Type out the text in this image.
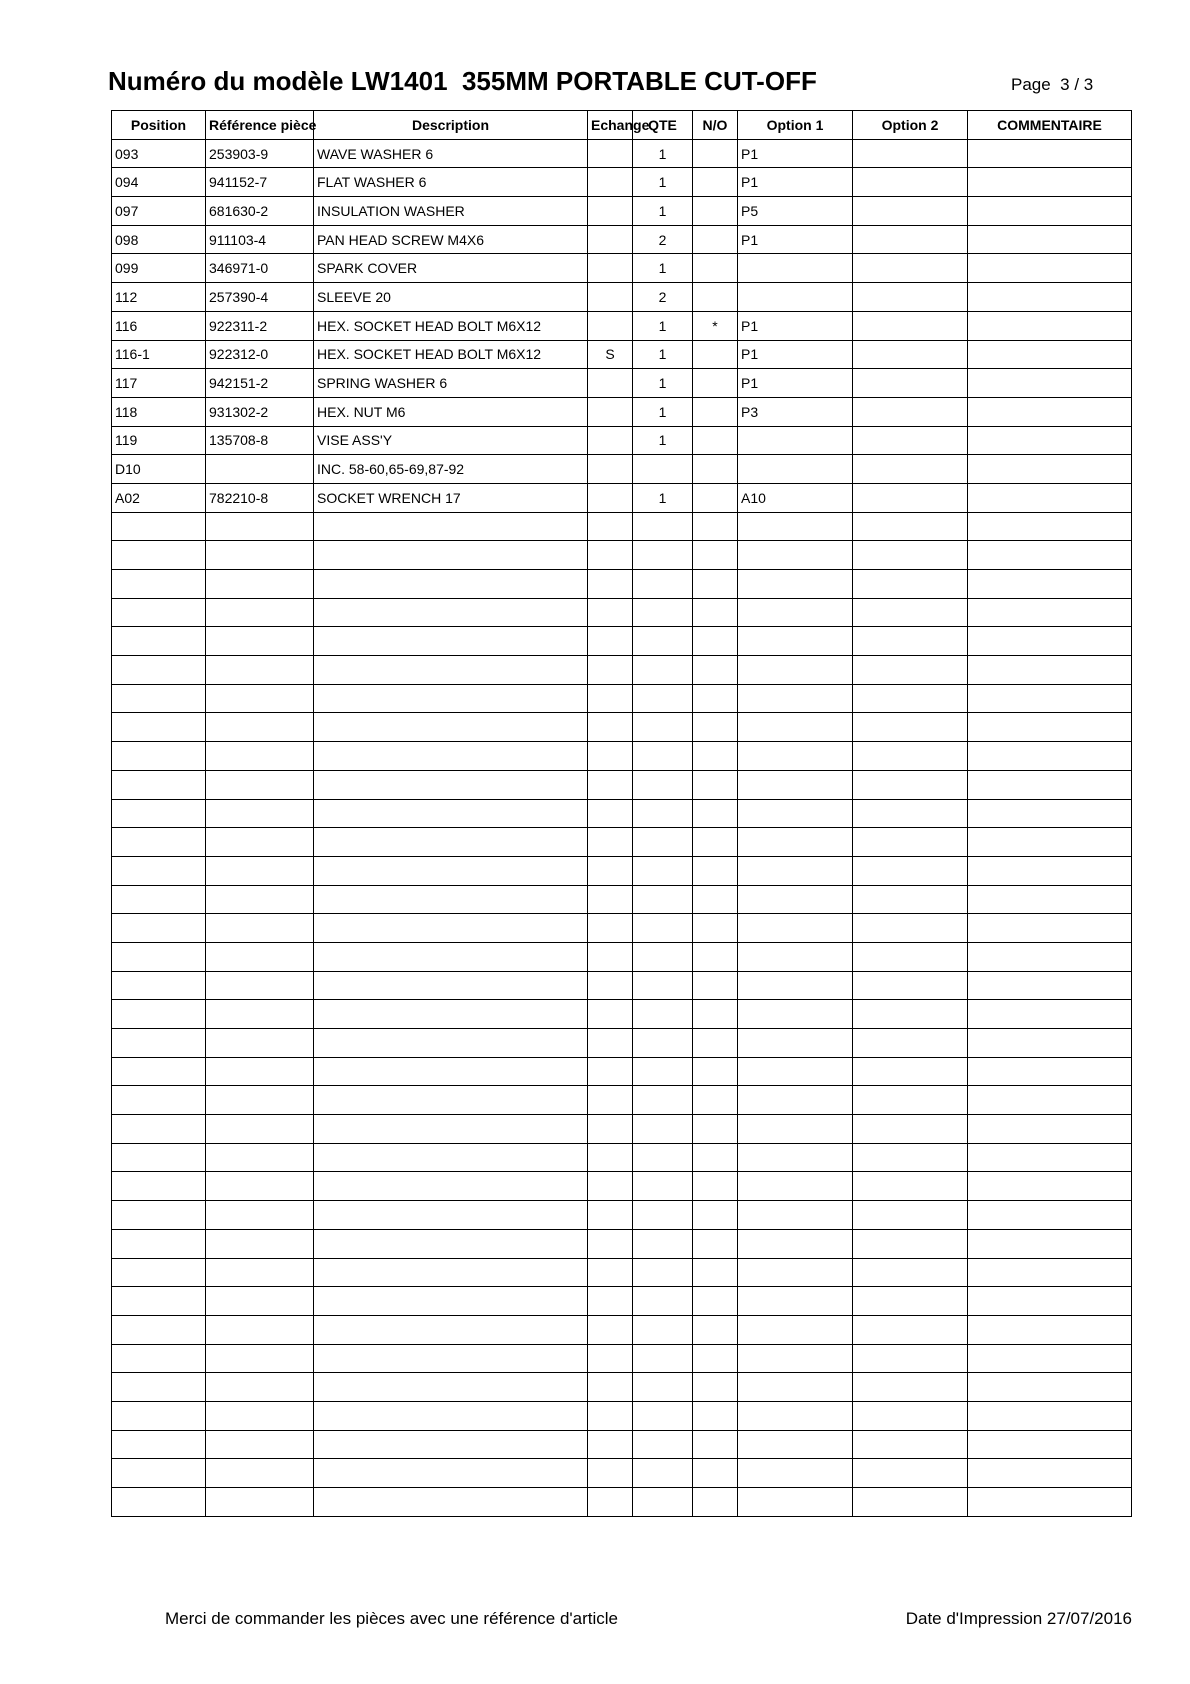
Numéro du modèle LW1401  355MM PORTABLE CUT-OFF	Page  3 / 3
Position	Référence pièce	Description	Echange	QTE	N/O	Option 1	Option 2	COMMENTAIRE
093	253903-9	WAVE WASHER 6		1		P1		
094	941152-7	FLAT WASHER 6		1		P1		
097	681630-2	INSULATION WASHER		1		P5		
098	911103-4	PAN HEAD SCREW M4X6		2		P1		
099	346971-0	SPARK COVER		1				
112	257390-4	SLEEVE 20		2				
116	922311-2	HEX. SOCKET HEAD BOLT M6X12		1	*	P1		
116-1	922312-0	HEX. SOCKET HEAD BOLT M6X12	S	1		P1		
117	942151-2	SPRING WASHER 6		1		P1		
118	931302-2	HEX. NUT M6		1		P3		
119	135708-8	VISE ASS'Y		1				
D10		INC. 58-60,65-69,87-92						
A02	782210-8	SOCKET WRENCH 17		1		A10		

Merci de commander les pièces avec une référence d'article	Date d'Impression 27/07/2016
